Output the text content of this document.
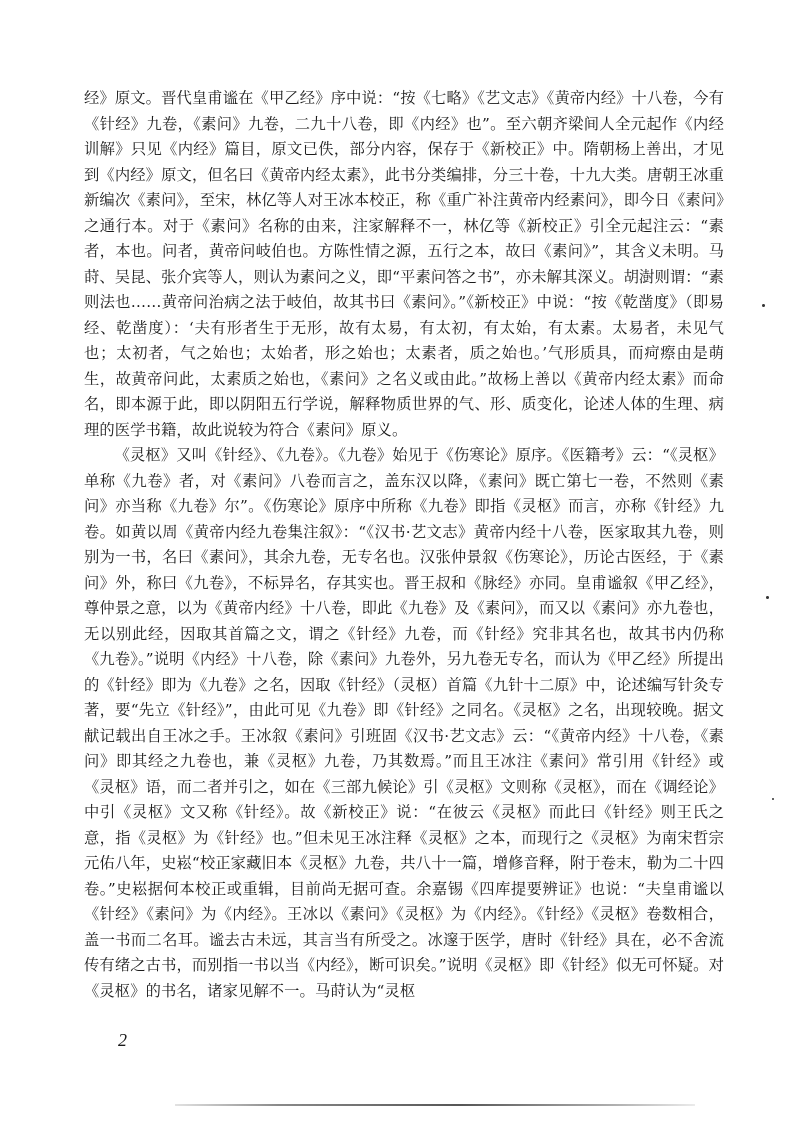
经》原文。晋代皇甫谧在《甲乙经》序中说：“按《七略》《艺文志》《黄帝内经》十八卷，今有《针经》九卷，《素问》九卷，二九十八卷，即《内经》也”。至六朝齐梁间人全元起作《内经训解》只见《内经》篇目，原文已佚，部分内容，保存于《新校正》中。隋朝杨上善出，才见到《内经》原文，但名曰《黄帝内经太素》，此书分类编排，分三十卷，十九大类。唐朝王冰重新编次《素问》，至宋，林亿等人对王冰本校正，称《重广补注黄帝内经素问》，即今日《素问》之通行本。对于《素问》名称的由来，注家解释不一，林亿等《新校正》引全元起注云：“素者，本也。问者，黄帝问岐伯也。方陈性情之源，五行之本，故曰《素问》”，其含义未明。马莳、吴昆、张介宾等人，则认为素问之义，即“平素问答之书”，亦未解其深义。胡澍则谓：“素则法也……黄帝问治病之法于岐伯，故其书曰《素问》。”《新校正》中说：“按《乾凿度》（即易经、乾凿度）：‘夫有形者生于无形，故有太易，有太初，有太始，有太素。太易者，未见气也；太初者，气之始也；太始者，形之始也；太素者，质之始也。’气形质具，而疴瘵由是萌生，故黄帝问此，太素质之始也，《素问》之名义或由此。”故杨上善以《黄帝内经太素》而命名，即本源于此，即以阴阳五行学说，解释物质世界的气、形、质变化，论述人体的生理、病理的医学书籍，故此说较为符合《素问》原义。

《灵枢》又叫《针经》、《九卷》。《九卷》始见于《伤寒论》原序。《医籍考》云：“《灵枢》单称《九卷》者，对《素问》八卷而言之，盖东汉以降，《素问》既亡第七一卷，不然则《素问》亦当称《九卷》尔”。《伤寒论》原序中所称《九卷》即指《灵枢》而言，亦称《针经》九卷。如黄以周《黄帝内经九卷集注叙》：“《汉书·艺文志》黄帝内经十八卷，医家取其九卷，则别为一书，名曰《素问》，其余九卷，无专名也。汉张仲景叙《伤寒论》，历论古医经，于《素问》外，称曰《九卷》，不标异名，存其实也。晋王叔和《脉经》亦同。皇甫谧叙《甲乙经》，尊仲景之意，以为《黄帝内经》十八卷，即此《九卷》及《素问》，而又以《素问》亦九卷也，无以别此经，因取其首篇之文，谓之《针经》九卷，而《针经》究非其名也，故其书内仍称《九卷》。”说明《内经》十八卷，除《素问》九卷外，另九卷无专名，而认为《甲乙经》所提出的《针经》即为《九卷》之名，因取《针经》（灵枢）首篇《九针十二原》中，论述编写针灸专著，要“先立《针经》”，由此可见《九卷》即《针经》之同名。《灵枢》之名，出现较晚。据文献记载出自王冰之手。王冰叙《素问》引班固《汉书·艺文志》云：“《黄帝内经》十八卷，《素问》即其经之九卷也，兼《灵枢》九卷，乃其数焉。”而且王冰注《素问》常引用《针经》或《灵枢》语，而二者并引之，如在《三部九候论》引《灵枢》文则称《灵枢》，而在《调经论》中引《灵枢》文又称《针经》。故《新校正》说：“在彼云《灵枢》而此曰《针经》则王氏之意，指《灵枢》为《针经》也。”但未见王冰注释《灵枢》之本，而现行之《灵枢》为南宋哲宗元佑八年，史崧“校正家藏旧本《灵枢》九卷，共八十一篇，增修音释，附于卷末，勒为二十四卷。”史崧据何本校正或重辑，目前尚无据可查。余嘉锡《四库提要辨证》也说：“夫皇甫谧以《针经》《素问》为《内经》。王冰以《素问》《灵枢》为《内经》。《针经》《灵枢》卷数相合，盖一书而二名耳。谧去古未远，其言当有所受之。冰邃于医学，唐时《针经》具在，必不舍流传有绪之古书，而别指一书以当《内经》，断可识矣。”说明《灵枢》即《针经》似无可怀疑。对《灵枢》的书名，诸家见解不一。马莳认为“灵枢

2
